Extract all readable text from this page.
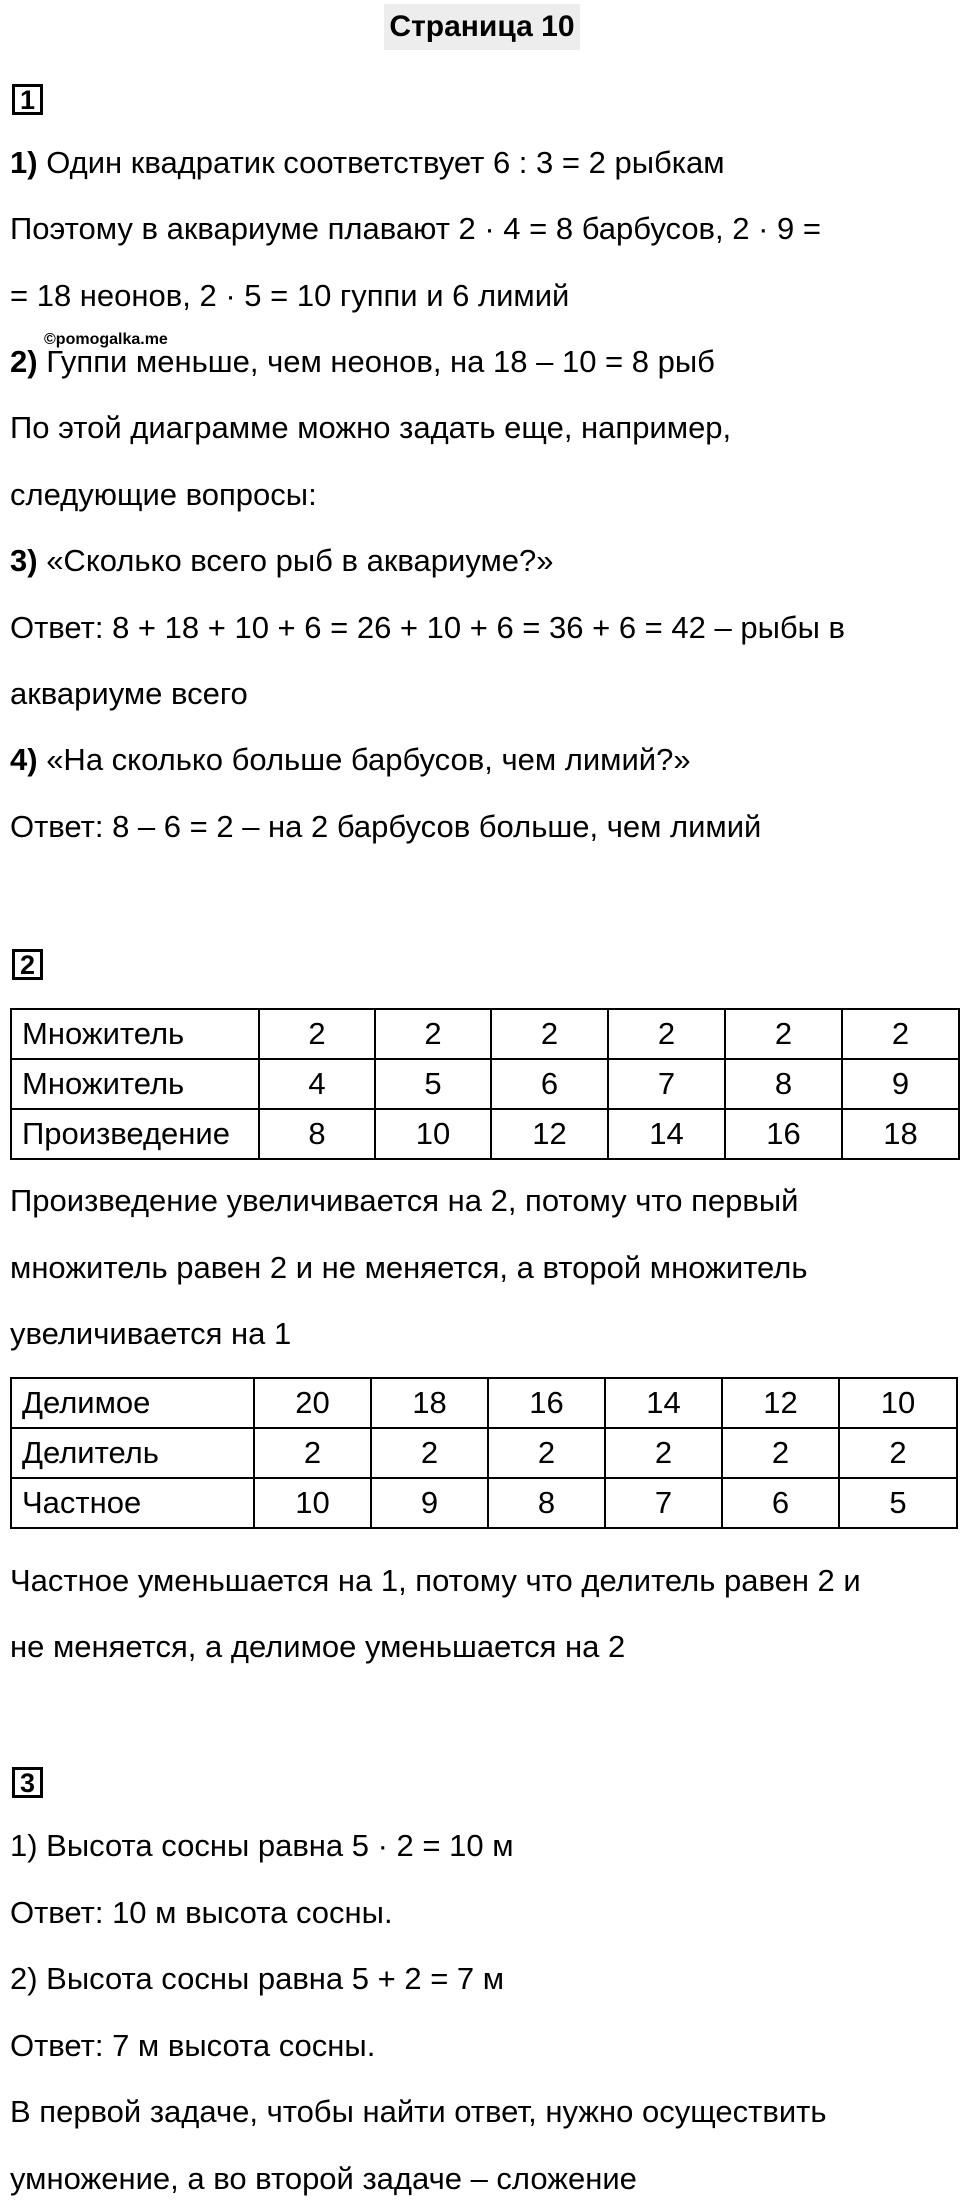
Страница 10
1
1) Один квадратик соответствует 6 : 3 = 2 рыбкам
Поэтому в аквариуме плавают 2 · 4 = 8 барбусов, 2 · 9 =
= 18 неонов, 2 · 5 = 10 гуппи и 6 лимий
©pomogalka.me
2) Гуппи меньше, чем неонов, на 18 – 10 = 8 рыб
По этой диаграмме можно задать еще, например,
следующие вопросы:
3) «Сколько всего рыб в аквариуме?»
Ответ: 8 + 18 + 10 + 6 = 26 + 10 + 6 = 36 + 6 = 42 – рыбы в
аквариуме всего
4) «На сколько больше барбусов, чем лимий?»
Ответ: 8 – 6 = 2 – на 2 барбусов больше, чем лимий
2
Множитель	2	2	2	2	2	2
Множитель	4	5	6	7	8	9
Произведение	8	10	12	14	16	18
Произведение увеличивается на 2, потому что первый
множитель равен 2 и не меняется, а второй множитель
увеличивается на 1
Делимое	20	18	16	14	12	10
Делитель	2	2	2	2	2	2
Частное	10	9	8	7	6	5
Частное уменьшается на 1, потому что делитель равен 2 и
не меняется, а делимое уменьшается на 2
3
1) Высота сосны равна 5 · 2 = 10 м
Ответ: 10 м высота сосны.
2) Высота сосны равна 5 + 2 = 7 м
Ответ: 7 м высота сосны.
В первой задаче, чтобы найти ответ, нужно осуществить
умножение, а во второй задаче – сложение
